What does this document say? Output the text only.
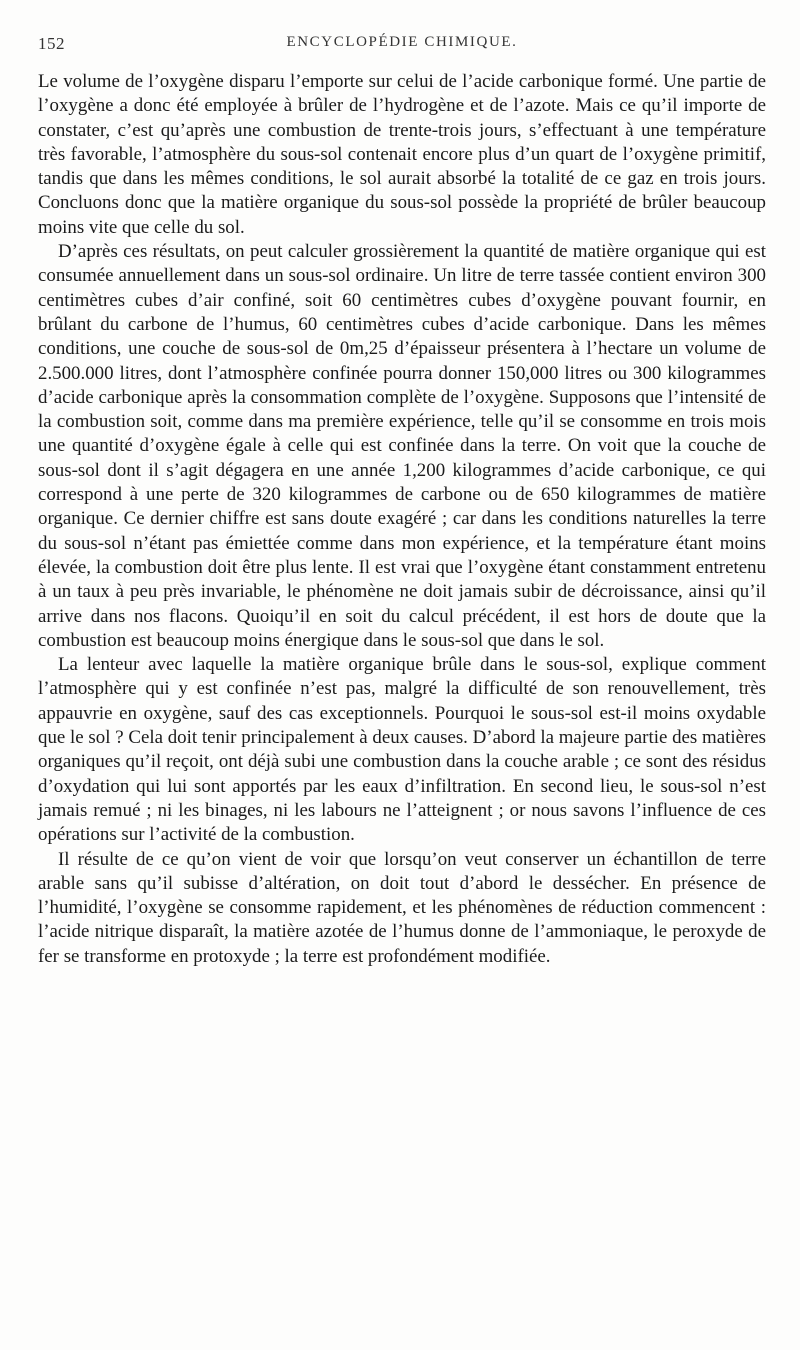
152	ENCYCLOPÉDIE CHIMIQUE.

Le volume de l’oxygène disparu l’emporte sur celui de l’acide carbonique formé. Une partie de l’oxygène a donc été employée à brûler de l’hydrogène et de l’azote. Mais ce qu’il importe de constater, c’est qu’après une combustion de trente-trois jours, s’effectuant à une température très favorable, l’atmosphère du sous-sol contenait encore plus d’un quart de l’oxygène primitif, tandis que dans les mêmes conditions, le sol aurait absorbé la totalité de ce gaz en trois jours. Concluons donc que la matière organique du sous-sol possède la propriété de brûler beaucoup moins vite que celle du sol.

D’après ces résultats, on peut calculer grossièrement la quantité de matière organique qui est consumée annuellement dans un sous-sol ordinaire. Un litre de terre tassée contient environ 300 centimètres cubes d’air confiné, soit 60 centimètres cubes d’oxygène pouvant fournir, en brûlant du carbone de l’humus, 60 centimètres cubes d’acide carbonique. Dans les mêmes conditions, une couche de sous-sol de 0m,25 d’épaisseur présentera à l’hectare un volume de 2.500.000 litres, dont l’atmosphère confinée pourra donner 150,000 litres ou 300 kilogrammes d’acide carbonique après la consommation complète de l’oxygène. Supposons que l’intensité de la combustion soit, comme dans ma première expérience, telle qu’il se consomme en trois mois une quantité d’oxygène égale à celle qui est confinée dans la terre. On voit que la couche de sous-sol dont il s’agit dégagera en une année 1,200 kilogrammes d’acide carbonique, ce qui correspond à une perte de 320 kilogrammes de carbone ou de 650 kilogrammes de matière organique. Ce dernier chiffre est sans doute exagéré ; car dans les conditions naturelles la terre du sous-sol n’étant pas émiettée comme dans mon expérience, et la température étant moins élevée, la combustion doit être plus lente. Il est vrai que l’oxygène étant constamment entretenu à un taux à peu près invariable, le phénomène ne doit jamais subir de décroissance, ainsi qu’il arrive dans nos flacons. Quoiqu’il en soit du calcul précédent, il est hors de doute que la combustion est beaucoup moins énergique dans le sous-sol que dans le sol.

La lenteur avec laquelle la matière organique brûle dans le sous-sol, explique comment l’atmosphère qui y est confinée n’est pas, malgré la difficulté de son renouvellement, très appauvrie en oxygène, sauf des cas exceptionnels. Pourquoi le sous-sol est-il moins oxydable que le sol ? Cela doit tenir principalement à deux causes. D’abord la majeure partie des matières organiques qu’il reçoit, ont déjà subi une combustion dans la couche arable ; ce sont des résidus d’oxydation qui lui sont apportés par les eaux d’infiltration. En second lieu, le sous-sol n’est jamais remué ; ni les binages, ni les labours ne l’atteignent ; or nous savons l’influence de ces opérations sur l’activité de la combustion.

Il résulte de ce qu’on vient de voir que lorsqu’on veut conserver un échantillon de terre arable sans qu’il subisse d’altération, on doit tout d’abord le dessécher. En présence de l’humidité, l’oxygène se consomme rapidement, et les phénomènes de réduction commencent : l’acide nitrique disparaît, la matière azotée de l’humus donne de l’ammoniaque, le peroxyde de fer se transforme en protoxyde ; la terre est profondément modifiée.
